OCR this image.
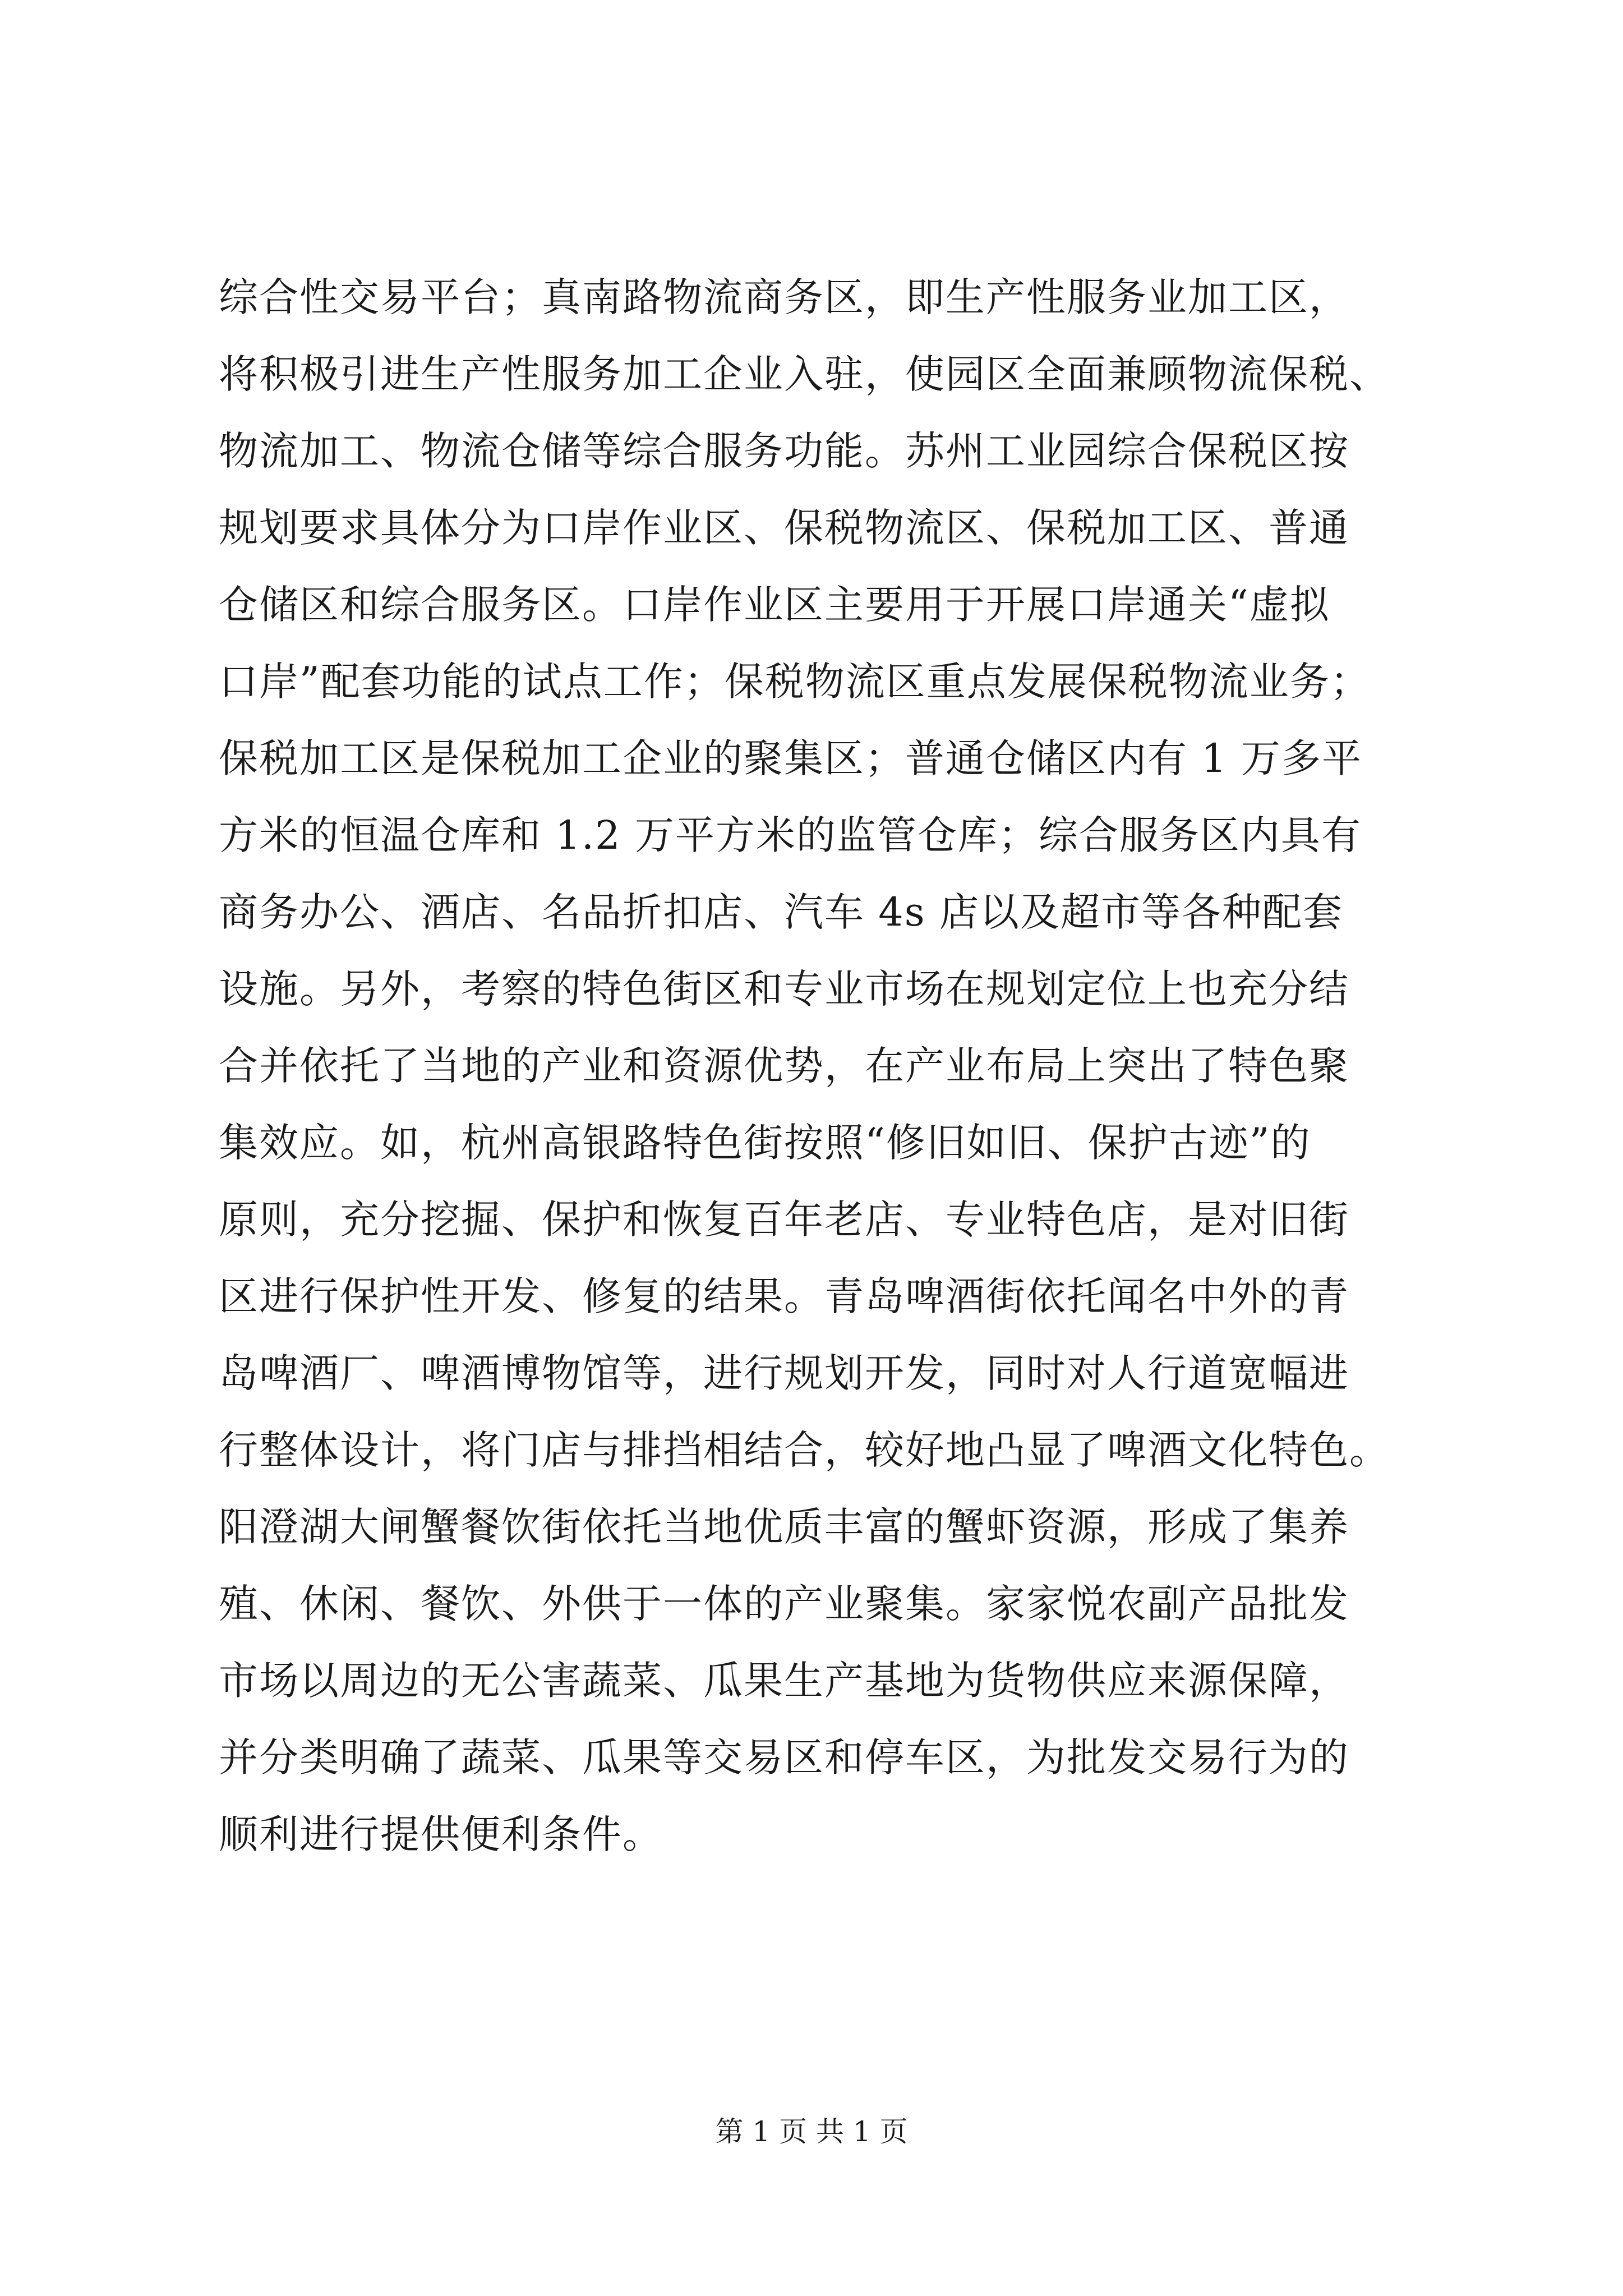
综合性交易平台；真南路物流商务区，即生产性服务业加工区，
将积极引进生产性服务加工企业入驻，使园区全面兼顾物流保税、
物流加工、物流仓储等综合服务功能。苏州工业园综合保税区按
规划要求具体分为口岸作业区、保税物流区、保税加工区、普通
仓储区和综合服务区。口岸作业区主要用于开展口岸通关“虚拟
口岸”配套功能的试点工作；保税物流区重点发展保税物流业务；
保税加工区是保税加工企业的聚集区；普通仓储区内有 1 万多平
方米的恒温仓库和 1.2 万平方米的监管仓库；综合服务区内具有
商务办公、酒店、名品折扣店、汽车 4s 店以及超市等各种配套
设施。另外，考察的特色街区和专业市场在规划定位上也充分结
合并依托了当地的产业和资源优势，在产业布局上突出了特色聚
集效应。如，杭州高银路特色街按照“修旧如旧、保护古迹”的
原则，充分挖掘、保护和恢复百年老店、专业特色店，是对旧街
区进行保护性开发、修复的结果。青岛啤酒街依托闻名中外的青
岛啤酒厂、啤酒博物馆等，进行规划开发，同时对人行道宽幅进
行整体设计，将门店与排挡相结合，较好地凸显了啤酒文化特色。
阳澄湖大闸蟹餐饮街依托当地优质丰富的蟹虾资源，形成了集养
殖、休闲、餐饮、外供于一体的产业聚集。家家悦农副产品批发
市场以周边的无公害蔬菜、瓜果生产基地为货物供应来源保障，
并分类明确了蔬菜、瓜果等交易区和停车区，为批发交易行为的
顺利进行提供便利条件。
第 1 页 共 1 页
